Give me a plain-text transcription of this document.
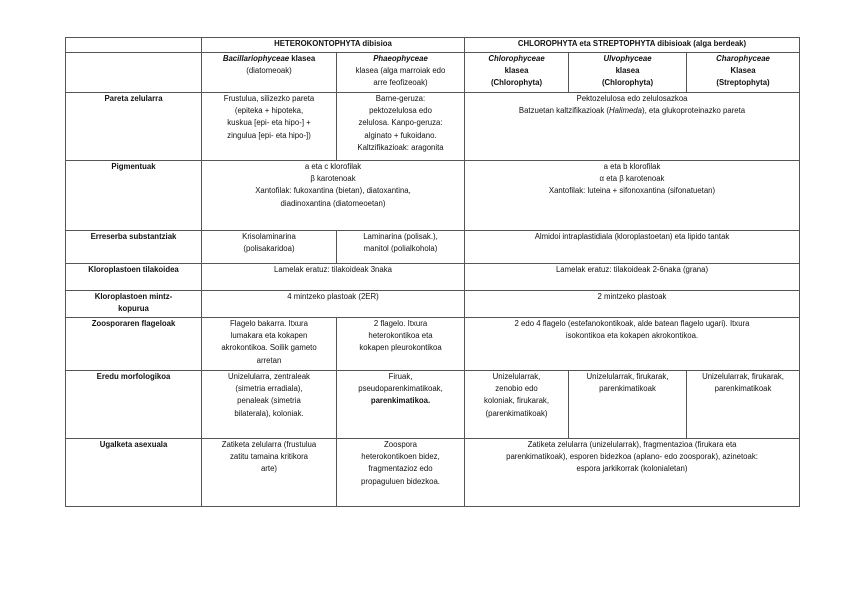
	HETEROKONTOPHYTA dibisioa		CHLOROPHYTA eta STREPTOPHYTA dibisioak (alga berdeak)		
	Bacillariophyceae klasea
(diatomeoak)	Phaeophyceae
klasea (alga marroiak edo
arre feofizeoak)	Chlorophyceae
klasea
(Chlorophyta)	Ulvophyceae
klasea
(Chlorophyta)	Charophyceae
Klasea
(Streptophyta)
Pareta zelularra	Frustulua, silizezko pareta
(epiteka + hipoteka,
kuskua [epi- eta hipo-] +
zingulua [epi- eta hipo-])	Barne-geruza:
pektozelulosa edo
zelulosa. Kanpo-geruza:
alginato + fukoidano.
Kaltzifikazioak: aragonita	Pektozelulosa edo zelulosazkoa
Batzuetan kaltzifikazioak (Halimeda), eta glukoproteinazko pareta		
Pigmentuak	a eta c klorofilak
β karotenoak
Xantofilak: fukoxantina (bietan), diatoxantina,
diadinoxantina (diatomeoetan)		a eta b klorofilak
α eta β karotenoak
Xantofilak: luteina + sifonoxantina (sifonatuetan)		
Erreserba substantziak	Krisolaminarina
(polisakaridoa)	Laminarina (polisak.),
manitol (polialkohola)	Almidoi intraplastidiala (kloroplastoetan) eta lipido tantak		
Kloroplastoen tilakoidea	Lamelak eratuz: tilakoideak 3naka		Lamelak eratuz: tilakoideak 2-6naka (grana)		
Kloroplastoen mintz-
kopurua	4 mintzeko plastoak (2ER)		2 mintzeko plastoak		
Zoosporaren flageloak	Flagelo bakarra. Itxura
lumakara eta kokapen
akrokontikoa. Soilik gameto
arretan	2 flagelo. Itxura
heterokontikoa eta
kokapen pleurokontikoa	2 edo 4 flagelo (estefanokontikoak, alde batean flagelo ugari). Itxura
isokontikoa eta kokapen akrokontikoa.		
Eredu morfologikoa	Unizelularra, zentraleak
(simetria erradiala),
penaleak (simetria
bilaterala), koloniak.	Firuak,
pseudoparenkimatikoak,
parenkimatikoa.	Unizelularrak,
zenobio edo
koloniak, firukarak,
(parenkimatikoak)	Unizelularrak, firukarak,
parenkimatikoak	Unizelularrak, firukarak,
parenkimatikoak
Ugalketa asexuala	Zatiketa zelularra (frustulua
zatitu tamaina kritikora
arte)	Zoospora
heterokontikoen bidez,
fragmentazioz edo
propaguluen bidezkoa.	Zatiketa zelularra (unizelularrak), fragmentazioa (firukara eta
parenkimatikoak), esporen bidezkoa (aplano- edo zoosporak), azinetoak:
espora jarkikorrak (kolonialetan)		
